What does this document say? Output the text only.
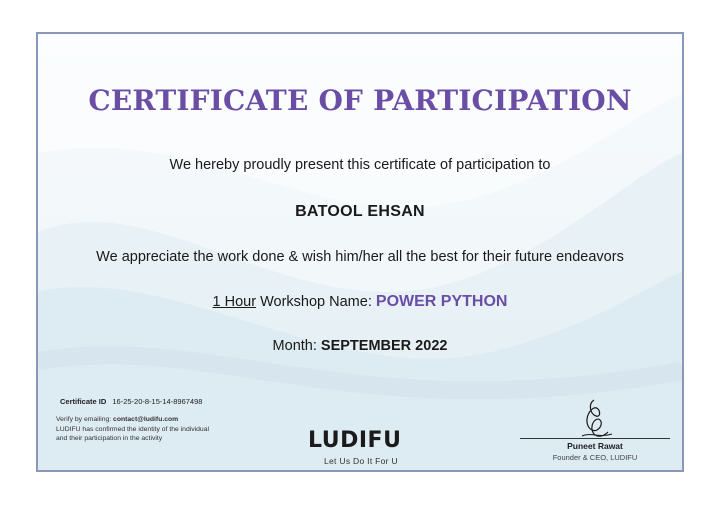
CERTIFICATE OF PARTICIPATION
We hereby proudly present this certificate of participation to
BATOOL EHSAN
We appreciate the work done & wish him/her all the best for their future endeavors
1 Hour Workshop Name: POWER PYTHON
Month: SEPTEMBER 2022
Certificate ID 16-25-20-8-15-14-8967498
Verify by emailing: contact@ludifu.com
LUDIFU has confirmed the identity of the individual and their participation in the activity	LUDIFU
Let Us Do It For U
Puneet Rawat
Founder & CEO, LUDIFU
